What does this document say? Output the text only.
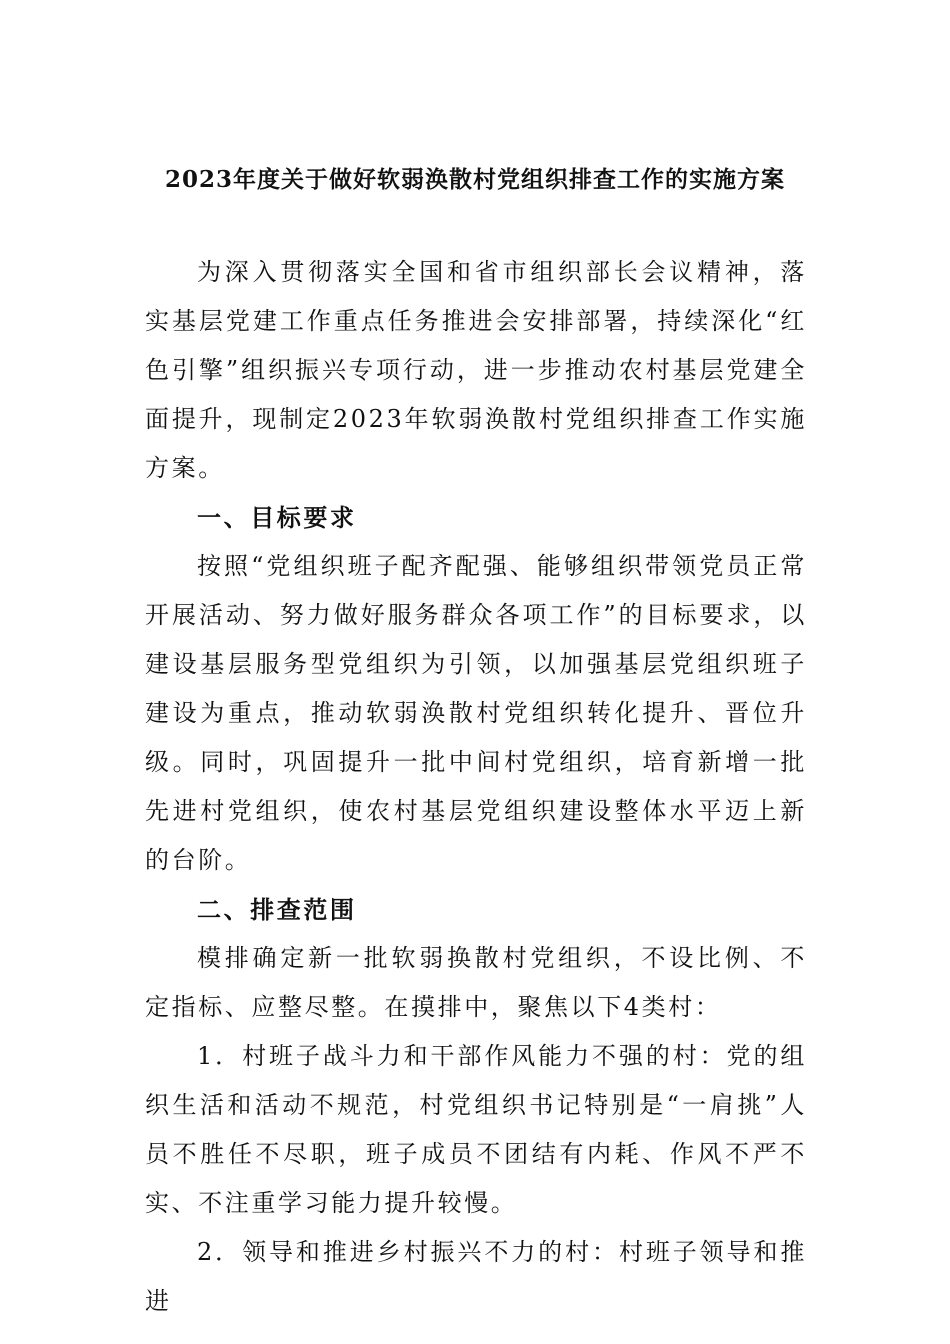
2023年度关于做好软弱涣散村党组织排查工作的实施方案

为深入贯彻落实全国和省市组织部长会议精神，落实基层党建工作重点任务推进会安排部署，持续深化“红色引擎”组织振兴专项行动，进一步推动农村基层党建全面提升，现制定2023年软弱涣散村党组织排查工作实施方案。

一、目标要求

按照“党组织班子配齐配强、能够组织带领党员正常开展活动、努力做好服务群众各项工作”的目标要求，以建设基层服务型党组织为引领，以加强基层党组织班子建设为重点，推动软弱涣散村党组织转化提升、晋位升级。同时，巩固提升一批中间村党组织，培育新增一批先进村党组织，使农村基层党组织建设整体水平迈上新的台阶。

二、排查范围

模排确定新一批软弱换散村党组织，不设比例、不定指标、应整尽整。在摸排中，聚焦以下4类村：

1．村班子战斗力和干部作风能力不强的村：党的组织生活和活动不规范，村党组织书记特别是“一肩挑”人员不胜任不尽职，班子成员不团结有内耗、作风不严不实、不注重学习能力提升较慢。

2．领导和推进乡村振兴不力的村：村班子领导和推进
